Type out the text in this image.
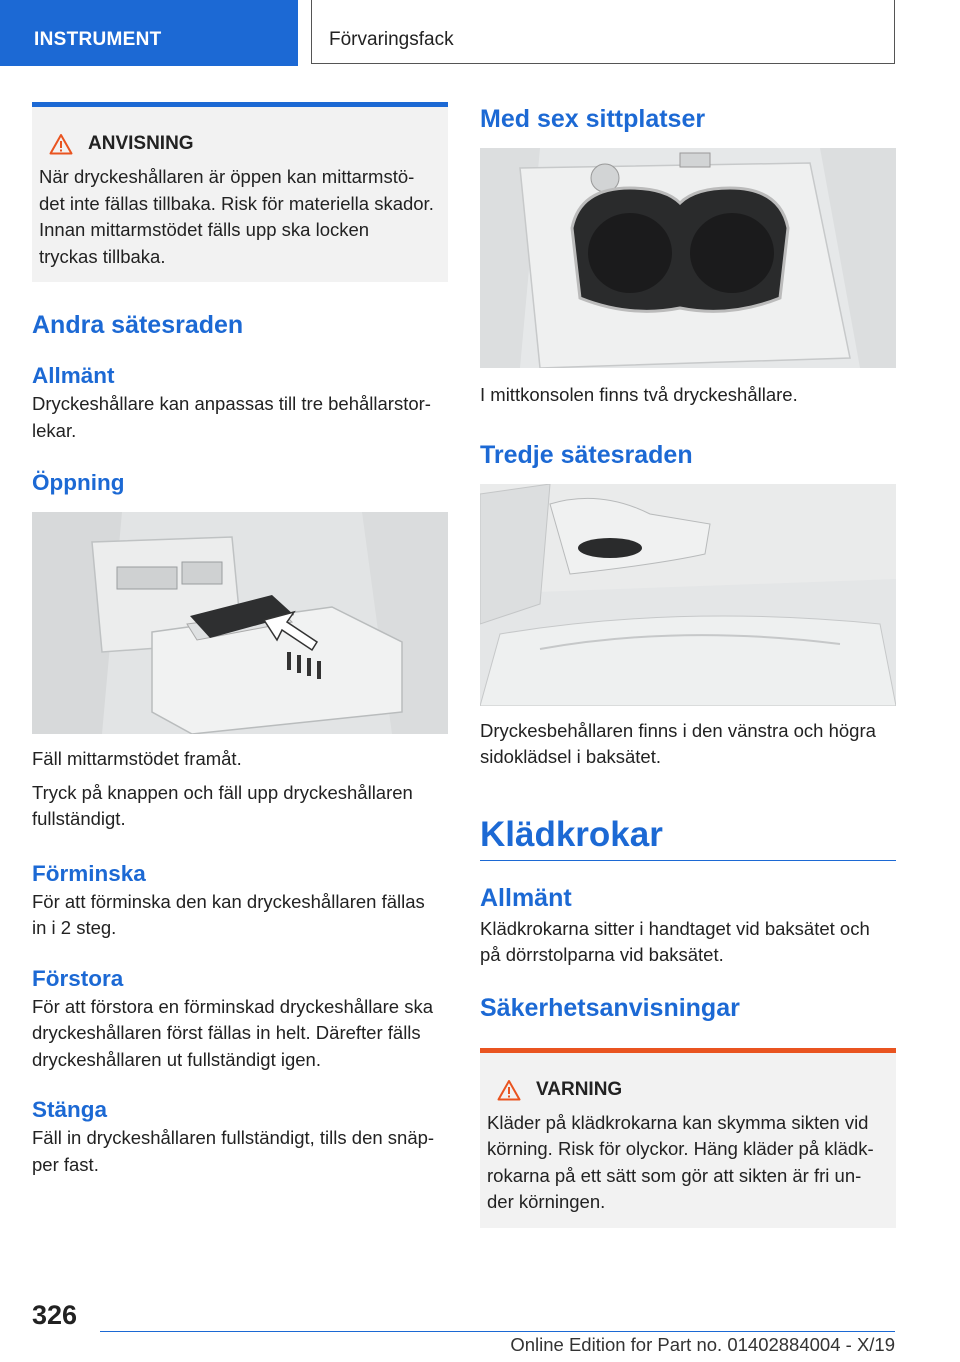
INSTRUMENT	Förvaringsfack
ANVISNING
När dryckeshållaren är öppen kan mittarmstö-
det inte fällas tillbaka. Risk för materiella skador.
Innan mittarmstödet fälls upp ska locken
tryckas tillbaka.
Andra sätesraden
Allmänt
Dryckeshållare kan anpassas till tre behållarstor-
lekar.
Öppning
Fäll mittarmstödet framåt.
Tryck på knappen och fäll upp dryckeshållaren
fullständigt.
Förminska
För att förminska den kan dryckeshållaren fällas
in i 2 steg.
Förstora
För att förstora en förminskad dryckeshållare ska
dryckeshållaren först fällas in helt. Därefter fälls
dryckeshållaren ut fullständigt igen.
Stänga
Fäll in dryckeshållaren fullständigt, tills den snäp-
per fast.
Med sex sittplatser
I mittkonsolen finns två dryckeshållare.
Tredje sätesraden
Dryckesbehållaren finns i den vänstra och högra
sidoklädsel i baksätet.
Klädkrokar
Allmänt
Klädkrokarna sitter i handtaget vid baksätet och
på dörrstolparna vid baksätet.
Säkerhetsanvisningar
VARNING
Kläder på klädkrokarna kan skymma sikten vid
körning. Risk för olyckor. Häng kläder på klädk-
rokarna på ett sätt som gör att sikten är fri un-
der körningen.
326
Online Edition for Part no. 01402884004 - X/19
